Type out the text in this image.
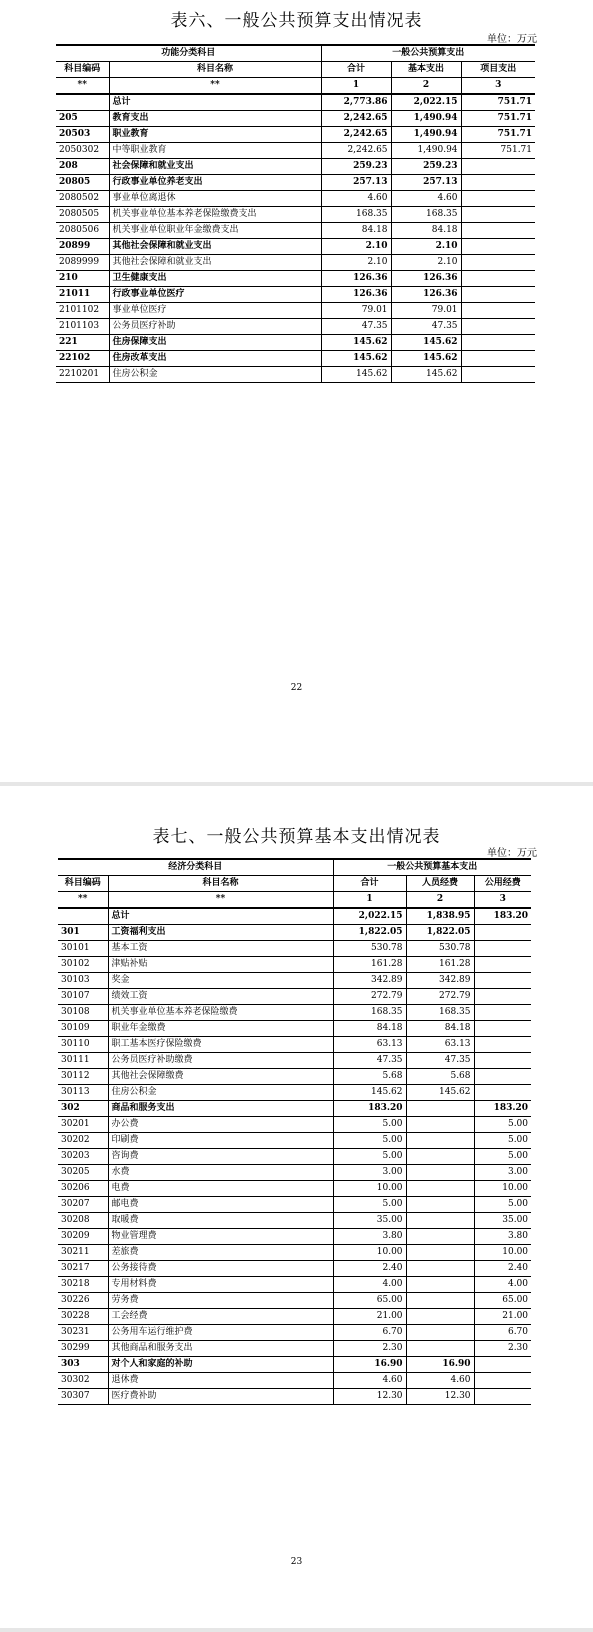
表六、一般公共预算支出情况表
单位：万元
功能分类科目		一般公共预算支出		
科目编码	科目名称	合计	基本支出	项目支出
**	**	1	2	3
	总计	2,773.86	2,022.15	751.71
205	教育支出	2,242.65	1,490.94	751.71
20503	职业教育	2,242.65	1,490.94	751.71
2050302	中等职业教育	2,242.65	1,490.94	751.71
208	社会保障和就业支出	259.23	259.23	
20805	行政事业单位养老支出	257.13	257.13	
2080502	事业单位离退休	4.60	4.60	
2080505	机关事业单位基本养老保险缴费支出	168.35	168.35	
2080506	机关事业单位职业年金缴费支出	84.18	84.18	
20899	其他社会保障和就业支出	2.10	2.10	
2089999	其他社会保障和就业支出	2.10	2.10	
210	卫生健康支出	126.36	126.36	
21011	行政事业单位医疗	126.36	126.36	
2101102	事业单位医疗	79.01	79.01	
2101103	公务员医疗补助	47.35	47.35	
221	住房保障支出	145.62	145.62	
22102	住房改革支出	145.62	145.62	
2210201	住房公积金	145.62	145.62	
22
表七、一般公共预算基本支出情况表
单位：万元
经济分类科目		一般公共预算基本支出		
科目编码	科目名称	合计	人员经费	公用经费
**	**	1	2	3
	总计	2,022.15	1,838.95	183.20
301	工资福利支出	1,822.05	1,822.05	
30101	基本工资	530.78	530.78	
30102	津贴补贴	161.28	161.28	
30103	奖金	342.89	342.89	
30107	绩效工资	272.79	272.79	
30108	机关事业单位基本养老保险缴费	168.35	168.35	
30109	职业年金缴费	84.18	84.18	
30110	职工基本医疗保险缴费	63.13	63.13	
30111	公务员医疗补助缴费	47.35	47.35	
30112	其他社会保障缴费	5.68	5.68	
30113	住房公积金	145.62	145.62	
302	商品和服务支出	183.20		183.20
30201	办公费	5.00		5.00
30202	印刷费	5.00		5.00
30203	咨询费	5.00		5.00
30205	水费	3.00		3.00
30206	电费	10.00		10.00
30207	邮电费	5.00		5.00
30208	取暖费	35.00		35.00
30209	物业管理费	3.80		3.80
30211	差旅费	10.00		10.00
30217	公务接待费	2.40		2.40
30218	专用材料费	4.00		4.00
30226	劳务费	65.00		65.00
30228	工会经费	21.00		21.00
30231	公务用车运行维护费	6.70		6.70
30299	其他商品和服务支出	2.30		2.30
303	对个人和家庭的补助	16.90	16.90	
30302	退休费	4.60	4.60	
30307	医疗费补助	12.30	12.30	
23
